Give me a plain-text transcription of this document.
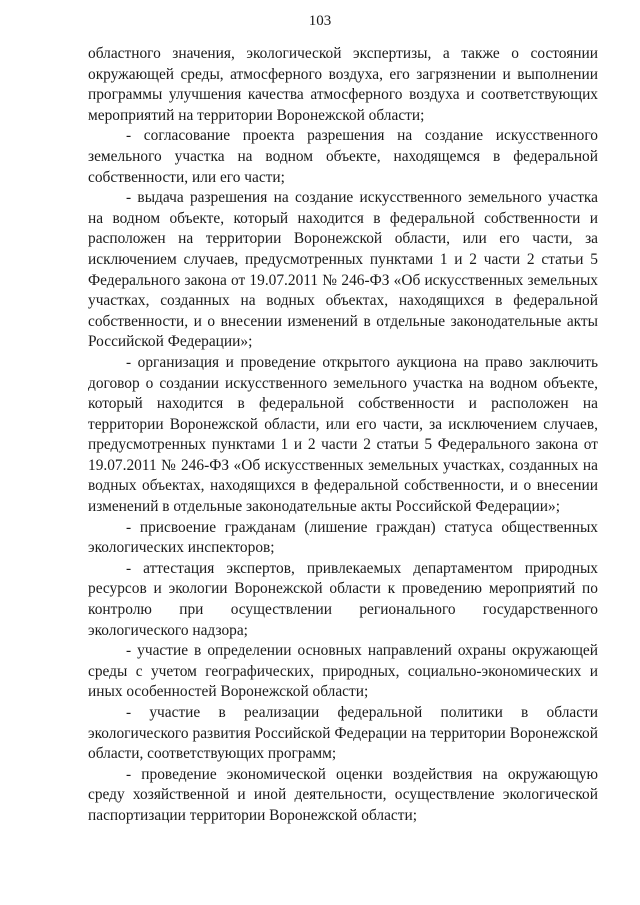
103

областного значения, экологической экспертизы, а также о состоянии окружающей среды, атмосферного воздуха, его загрязнении и выполнении программы улучшения качества атмосферного воздуха и соответствующих мероприятий на территории Воронежской области;

- согласование проекта разрешения на создание искусственного земельного участка на водном объекте, находящемся в федеральной собственности, или его части;

- выдача разрешения на создание искусственного земельного участка на водном объекте, который находится в федеральной собственности и расположен на территории Воронежской области, или его части, за исключением случаев, предусмотренных пунктами 1 и 2 части 2 статьи 5 Федерального закона от 19.07.2011 № 246-ФЗ «Об искусственных земельных участках, созданных на водных объектах, находящихся в федеральной собственности, и о внесении изменений в отдельные законодательные акты Российской Федерации»;

- организация и проведение открытого аукциона на право заключить договор о создании искусственного земельного участка на водном объекте, который находится в федеральной собственности и расположен на территории Воронежской области, или его части, за исключением случаев, предусмотренных пунктами 1 и 2 части 2 статьи 5 Федерального закона от 19.07.2011 № 246-ФЗ «Об искусственных земельных участках, созданных на водных объектах, находящихся в федеральной собственности, и о внесении изменений в отдельные законодательные акты Российской Федерации»;

- присвоение гражданам (лишение граждан) статуса общественных экологических инспекторов;

- аттестация экспертов, привлекаемых департаментом природных ресурсов и экологии Воронежской области к проведению мероприятий по контролю при осуществлении регионального государственного экологического надзора;

- участие в определении основных направлений охраны окружающей среды с учетом географических, природных, социально-экономических и иных особенностей Воронежской области;

- участие в реализации федеральной политики в области экологического развития Российской Федерации на территории Воронежской области, соответствующих программ;

- проведение экономической оценки воздействия на окружающую среду хозяйственной и иной деятельности, осуществление экологической паспортизации территории Воронежской области;
